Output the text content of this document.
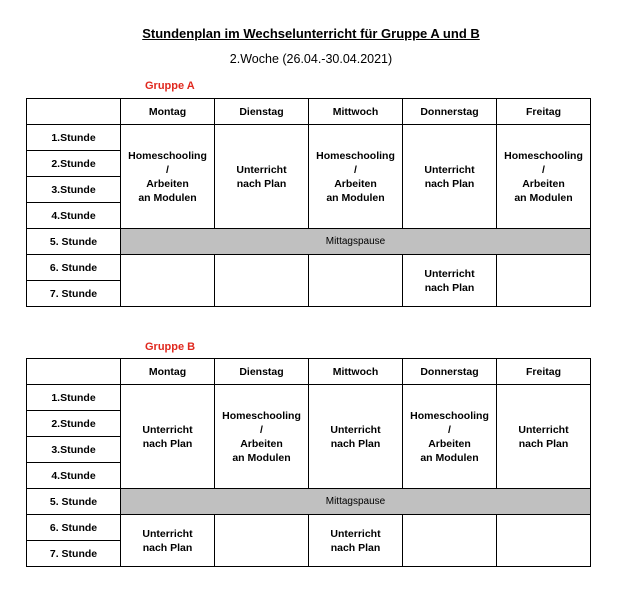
Stundenplan im Wechselunterricht für Gruppe A und B
2.Woche (26.04.-30.04.2021)
Gruppe A
	Montag	Dienstag	Mittwoch	Donnerstag	Freitag
1.Stunde	Homeschooling
/
Arbeiten
an Modulen	Unterricht
nach Plan	Homeschooling
/
Arbeiten
an Modulen	Unterricht
nach Plan	Homeschooling
/
Arbeiten
an Modulen

2.Stunde					
3.Stunde					
4.Stunde					
5. Stunde	Mittagspause				
6. Stunde				Unterricht
nach Plan	

7. Stunde					
Gruppe B
	Montag	Dienstag	Mittwoch	Donnerstag	Freitag
1.Stunde	Unterricht
nach Plan	Homeschooling
/
Arbeiten
an Modulen	Unterricht
nach Plan	Homeschooling
/
Arbeiten
an Modulen	Unterricht
nach Plan

2.Stunde					
3.Stunde					
4.Stunde					
5. Stunde	Mittagspause				
6. Stunde	Unterricht
nach Plan		Unterricht
nach Plan		

7. Stunde					
